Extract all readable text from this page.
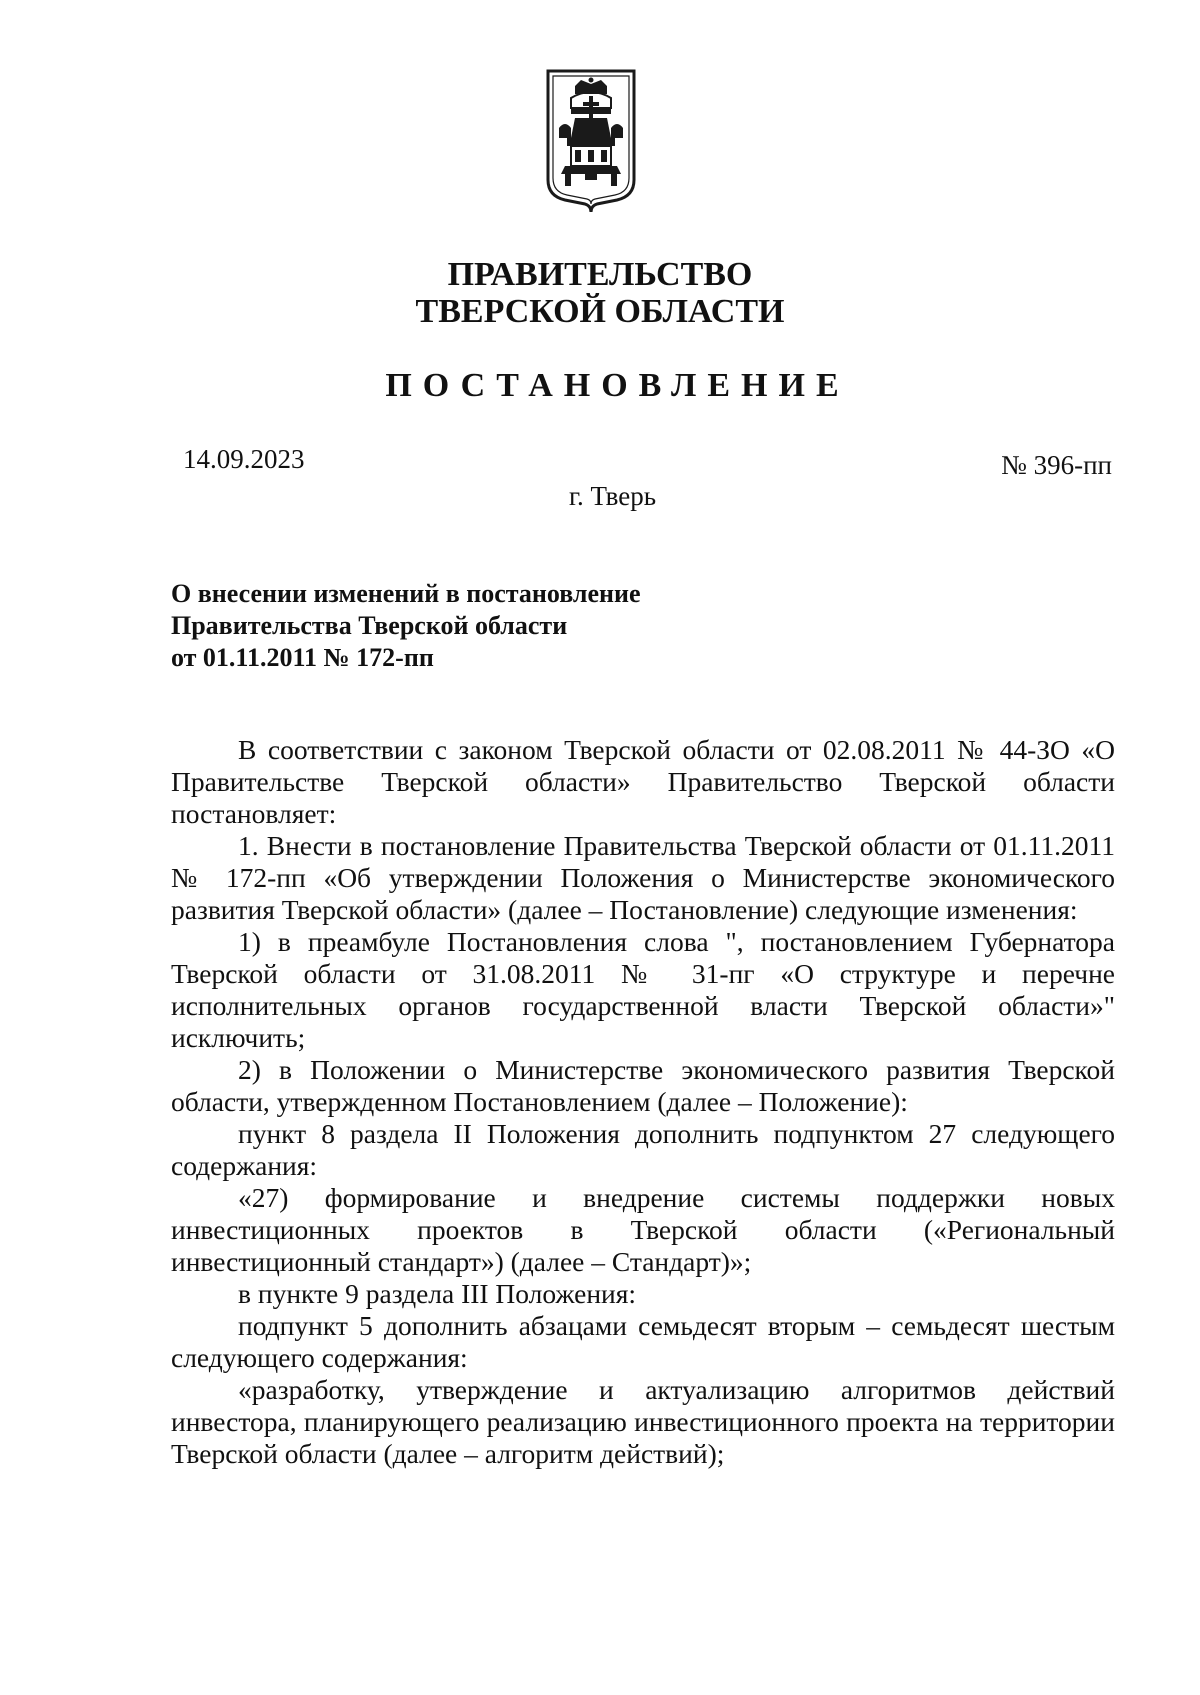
ПРАВИТЕЛЬСТВО
ТВЕРСКОЙ ОБЛАСТИ
ПОСТАНОВЛЕНИЕ
14.09.2023	№ 396-пп
г. Тверь
О внесении изменений в постановление
Правительства Тверской области
от 01.11.2011 № 172-пп

В соответствии с законом Тверской области от 02.08.2011 № 44-ЗО «О Правительстве Тверской области» Правительство Тверской области постановляет:

1. Внести в постановление Правительства Тверской области от 01.11.2011 № 172-пп «Об утверждении Положения о Министерстве экономического развития Тверской области» (далее – Постановление) следующие изменения:

1) в преамбуле Постановления слова ", постановлением Губернатора Тверской области от 31.08.2011 № 31-пг «О структуре и перечне исполнительных органов государственной власти Тверской области»" исключить;

2) в Положении о Министерстве экономического развития Тверской области, утвержденном Постановлением (далее – Положение):

пункт 8 раздела II Положения дополнить подпунктом 27 следующего содержания:

«27) формирование и внедрение системы поддержки новых инвестиционных проектов в Тверской области («Региональный инвестиционный стандарт») (далее – Стандарт)»;

в пункте 9 раздела III Положения:

подпункт 5 дополнить абзацами семьдесят вторым – семьдесят шестым следующего содержания:

«разработку, утверждение и актуализацию алгоритмов действий инвестора, планирующего реализацию инвестиционного проекта на территории Тверской области (далее – алгоритм действий);
